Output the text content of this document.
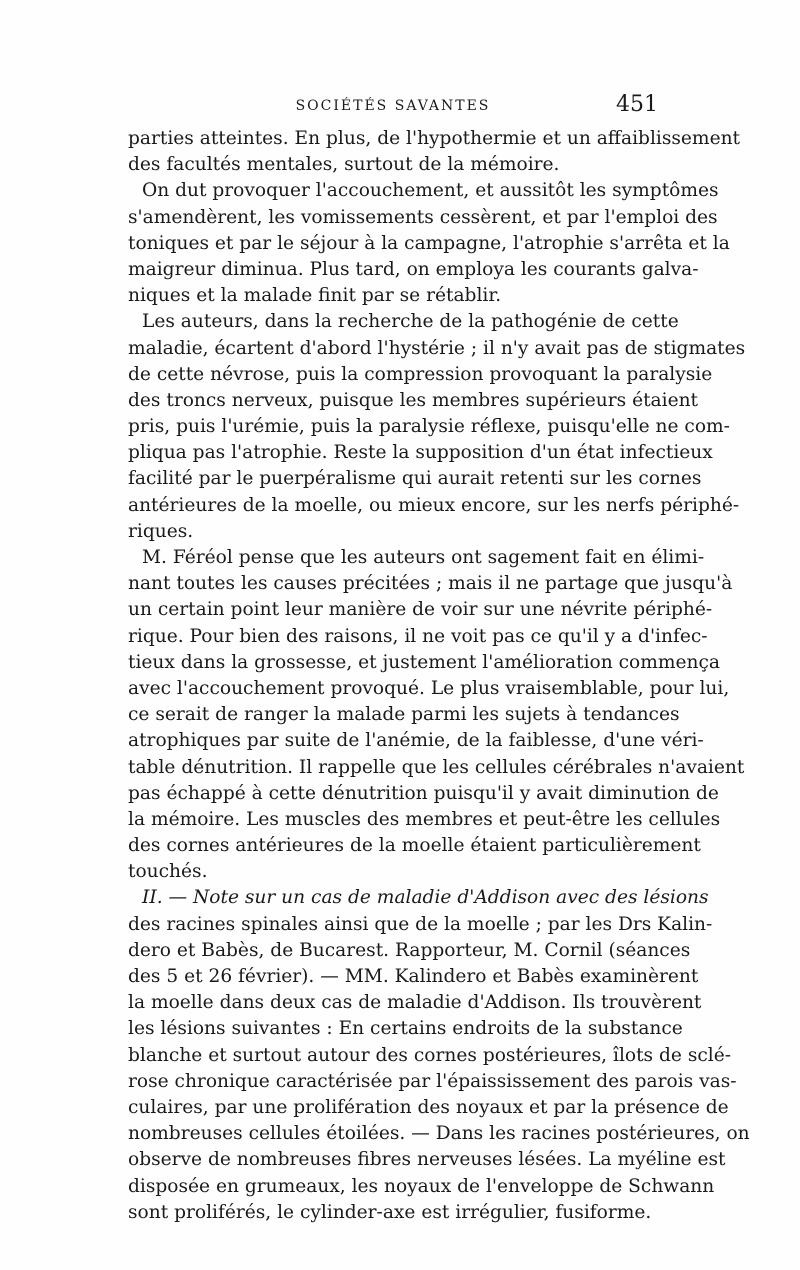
SOCIÉTÉS SAVANTES	451
parties atteintes. En plus, de l'hypothermie et un affaiblissement
des facultés mentales, surtout de la mémoire.
On dut provoquer l'accouchement, et aussitôt les symptômes
s'amendèrent, les vomissements cessèrent, et par l'emploi des
toniques et par le séjour à la campagne, l'atrophie s'arrêta et la
maigreur diminua. Plus tard, on employa les courants galva-
niques et la malade finit par se rétablir.
Les auteurs, dans la recherche de la pathogénie de cette
maladie, écartent d'abord l'hystérie ; il n'y avait pas de stigmates
de cette névrose, puis la compression provoquant la paralysie
des troncs nerveux, puisque les membres supérieurs étaient
pris, puis l'urémie, puis la paralysie réflexe, puisqu'elle ne com-
pliqua pas l'atrophie. Reste la supposition d'un état infectieux
facilité par le puerpéralisme qui aurait retenti sur les cornes
antérieures de la moelle, ou mieux encore, sur les nerfs périphé-
riques.
M. Féréol pense que les auteurs ont sagement fait en élimi-
nant toutes les causes précitées ; mais il ne partage que jusqu'à
un certain point leur manière de voir sur une névrite périphé-
rique. Pour bien des raisons, il ne voit pas ce qu'il y a d'infec-
tieux dans la grossesse, et justement l'amélioration commença
avec l'accouchement provoqué. Le plus vraisemblable, pour lui,
ce serait de ranger la malade parmi les sujets à tendances
atrophiques par suite de l'anémie, de la faiblesse, d'une véri-
table dénutrition. Il rappelle que les cellules cérébrales n'avaient
pas échappé à cette dénutrition puisqu'il y avait diminution de
la mémoire. Les muscles des membres et peut-être les cellules
des cornes antérieures de la moelle étaient particulièrement
touchés.
II. — Note sur un cas de maladie d'Addison avec des lésions
des racines spinales ainsi que de la moelle ; par les Drs Kalin-
dero et Babès, de Bucarest. Rapporteur, M. Cornil (séances
des 5 et 26 février). — MM. Kalindero et Babès examinèrent
la moelle dans deux cas de maladie d'Addison. Ils trouvèrent
les lésions suivantes : En certains endroits de la substance
blanche et surtout autour des cornes postérieures, îlots de sclé-
rose chronique caractérisée par l'épaississement des parois vas-
culaires, par une prolifération des noyaux et par la présence de
nombreuses cellules étoilées. — Dans les racines postérieures, on
observe de nombreuses fibres nerveuses lésées. La myéline est
disposée en grumeaux, les noyaux de l'enveloppe de Schwann
sont proliférés, le cylinder-axe est irrégulier, fusiforme.
